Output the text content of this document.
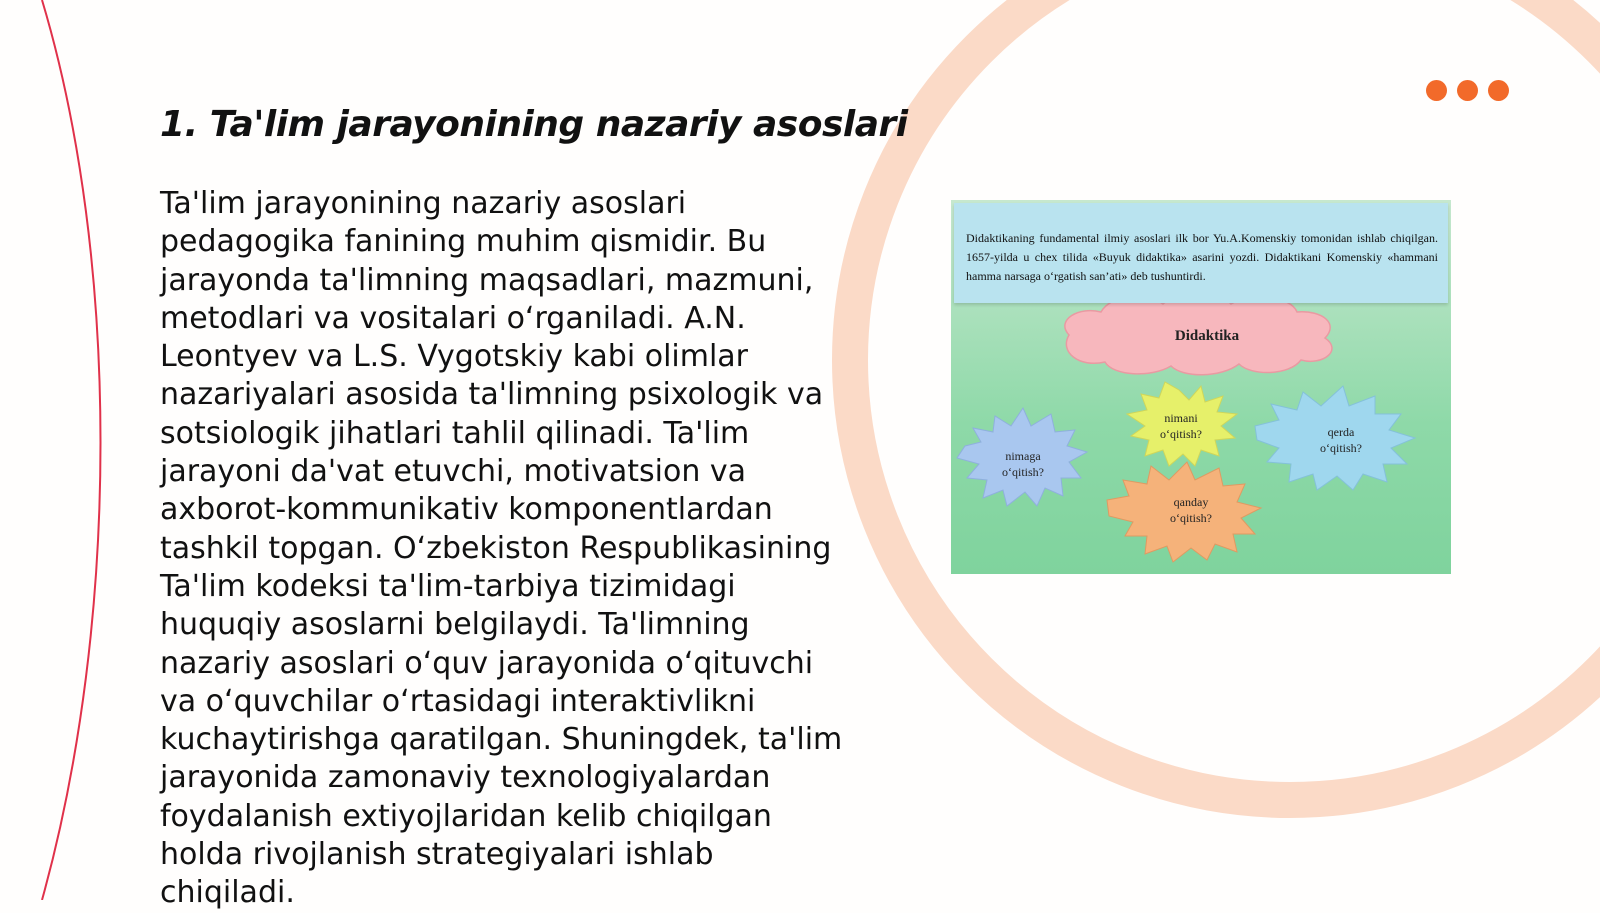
1. Ta'lim jarayonining nazariy asoslari

Ta'lim jarayonining nazariy asoslari pedagogika fanining muhim qismidir. Bu jarayonda ta'limning maqsadlari, mazmuni, metodlari va vositalari o‘rganiladi. A.N. Leontyev va L.S. Vygotskiy kabi olimlar nazariyalari asosida ta'limning psixologik va sotsiologik jihatlari tahlil qilinadi. Ta'lim jarayoni da'vat etuvchi, motivatsion va axborot-kommunikativ komponentlardan tashkil topgan. O‘zbekiston Respublikasining Ta'lim kodeksi ta'lim-tarbiya tizimidagi huquqiy asoslarni belgilaydi. Ta'limning nazariy asoslari o‘quv jarayonida o‘qituvchi va o‘quvchilar o‘rtasidagi interaktivlikni kuchaytirishga qaratilgan. Shuningdek, ta'lim jarayonida zamonaviy texnologiyalardan foydalanish extiyojlaridan kelib chiqilgan holda rivojlanish strategiyalari ishlab chiqiladi.

Didaktika
nimani
o‘qitish?
nimaga
o‘qitish?
qanday
o‘qitish?
qerda
o‘qitish?
Didaktikaning fundamental ilmiy asoslari ilk bor Yu.A.Komenskiy tomonidan ishlab chiqilgan. 1657-yilda u chex tilida «Buyuk didaktika» asarini yozdi. Didaktikani Komenskiy «hammani hamma narsaga o‘rgatish san’ati» deb tushuntirdi.
